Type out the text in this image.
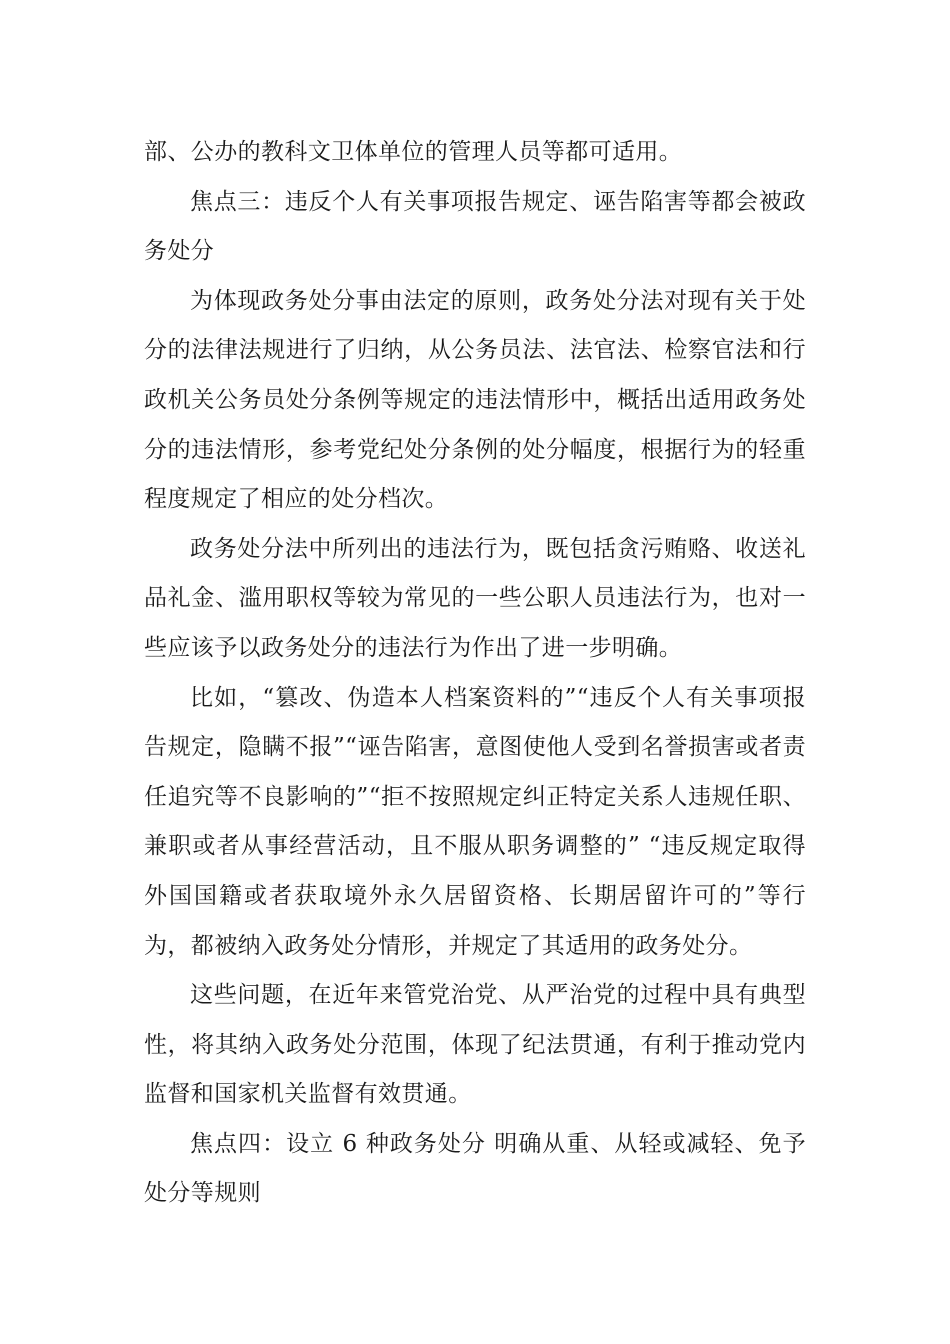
部、公办的教科文卫体单位的管理人员等都可适用。

焦点三：违反个人有关事项报告规定、诬告陷害等都会被政务处分

为体现政务处分事由法定的原则，政务处分法对现有关于处分的法律法规进行了归纳，从公务员法、法官法、检察官法和行政机关公务员处分条例等规定的违法情形中，概括出适用政务处分的违法情形，参考党纪处分条例的处分幅度，根据行为的轻重程度规定了相应的处分档次。

政务处分法中所列出的违法行为，既包括贪污贿赂、收送礼品礼金、滥用职权等较为常见的一些公职人员违法行为，也对一些应该予以政务处分的违法行为作出了进一步明确。

比如，“篡改、伪造本人档案资料的”“违反个人有关事项报告规定，隐瞒不报”“诬告陷害，意图使他人受到名誉损害或者责任追究等不良影响的”“拒不按照规定纠正特定关系人违规任职、兼职或者从事经营活动，且不服从职务调整的” “违反规定取得外国国籍或者获取境外永久居留资格、长期居留许可的”等行为，都被纳入政务处分情形，并规定了其适用的政务处分。

这些问题，在近年来管党治党、从严治党的过程中具有典型性，将其纳入政务处分范围，体现了纪法贯通，有利于推动党内监督和国家机关监督有效贯通。

焦点四：设立 6 种政务处分 明确从重、从轻或减轻、免予处分等规则
